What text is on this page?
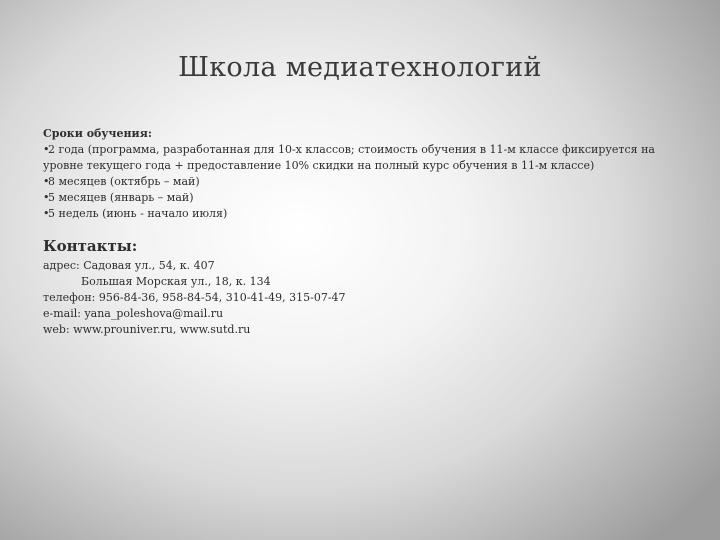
Школа медиатехнологий

Сроки обучения:

•2 года (программа, разработанная для 10-х классов; стоимость обучения в 11-м классе фиксируется на уровне текущего года + предоставление 10% скидки на полный курс обучения в 11-м классе)

•8 месяцев (октябрь – май)

•5 месяцев (январь – май)

•5 недель (июнь - начало июля)

Контакты:

адрес: Садовая ул., 54, к. 407

Большая Морская ул., 18, к. 134

телефон: 956-84-36, 958-84-54, 310-41-49, 315-07-47

e-mail: yana_poleshova@mail.ru

web: www.prouniver.ru, www.sutd.ru
